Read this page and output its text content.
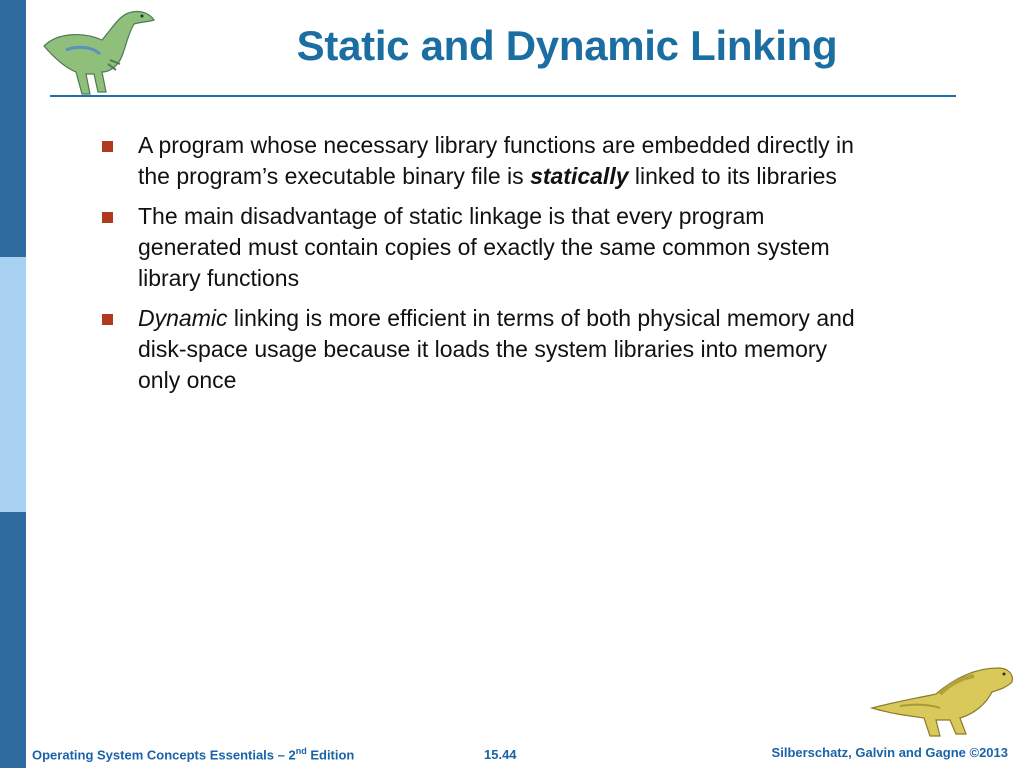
Static and Dynamic Linking
A program whose necessary library functions are embedded directly in the program’s executable binary file is statically linked to its libraries
The main disadvantage of static linkage is that every program generated must contain copies of exactly the same common system library functions
Dynamic linking is more efficient in terms of both physical memory and disk-space usage because it loads the system libraries into memory only once
Operating System Concepts Essentials – 2nd Edition	15.44	Silberschatz, Galvin and Gagne ©2013
